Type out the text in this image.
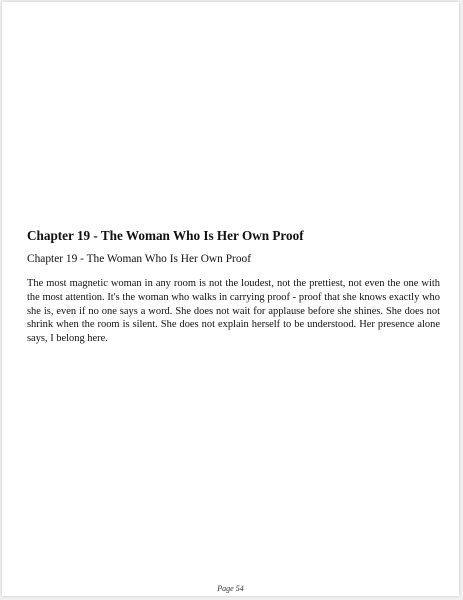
Chapter 19 - The Woman Who Is Her Own Proof

Chapter 19 - The Woman Who Is Her Own Proof

The most magnetic woman in any room is not the loudest, not the prettiest, not even the one with the most attention. It's the woman who walks in carrying proof - proof that she knows exactly who she is, even if no one says a word. She does not wait for applause before she shines. She does not shrink when the room is silent. She does not explain herself to be understood. Her presence alone says, I belong here.

Page 54
